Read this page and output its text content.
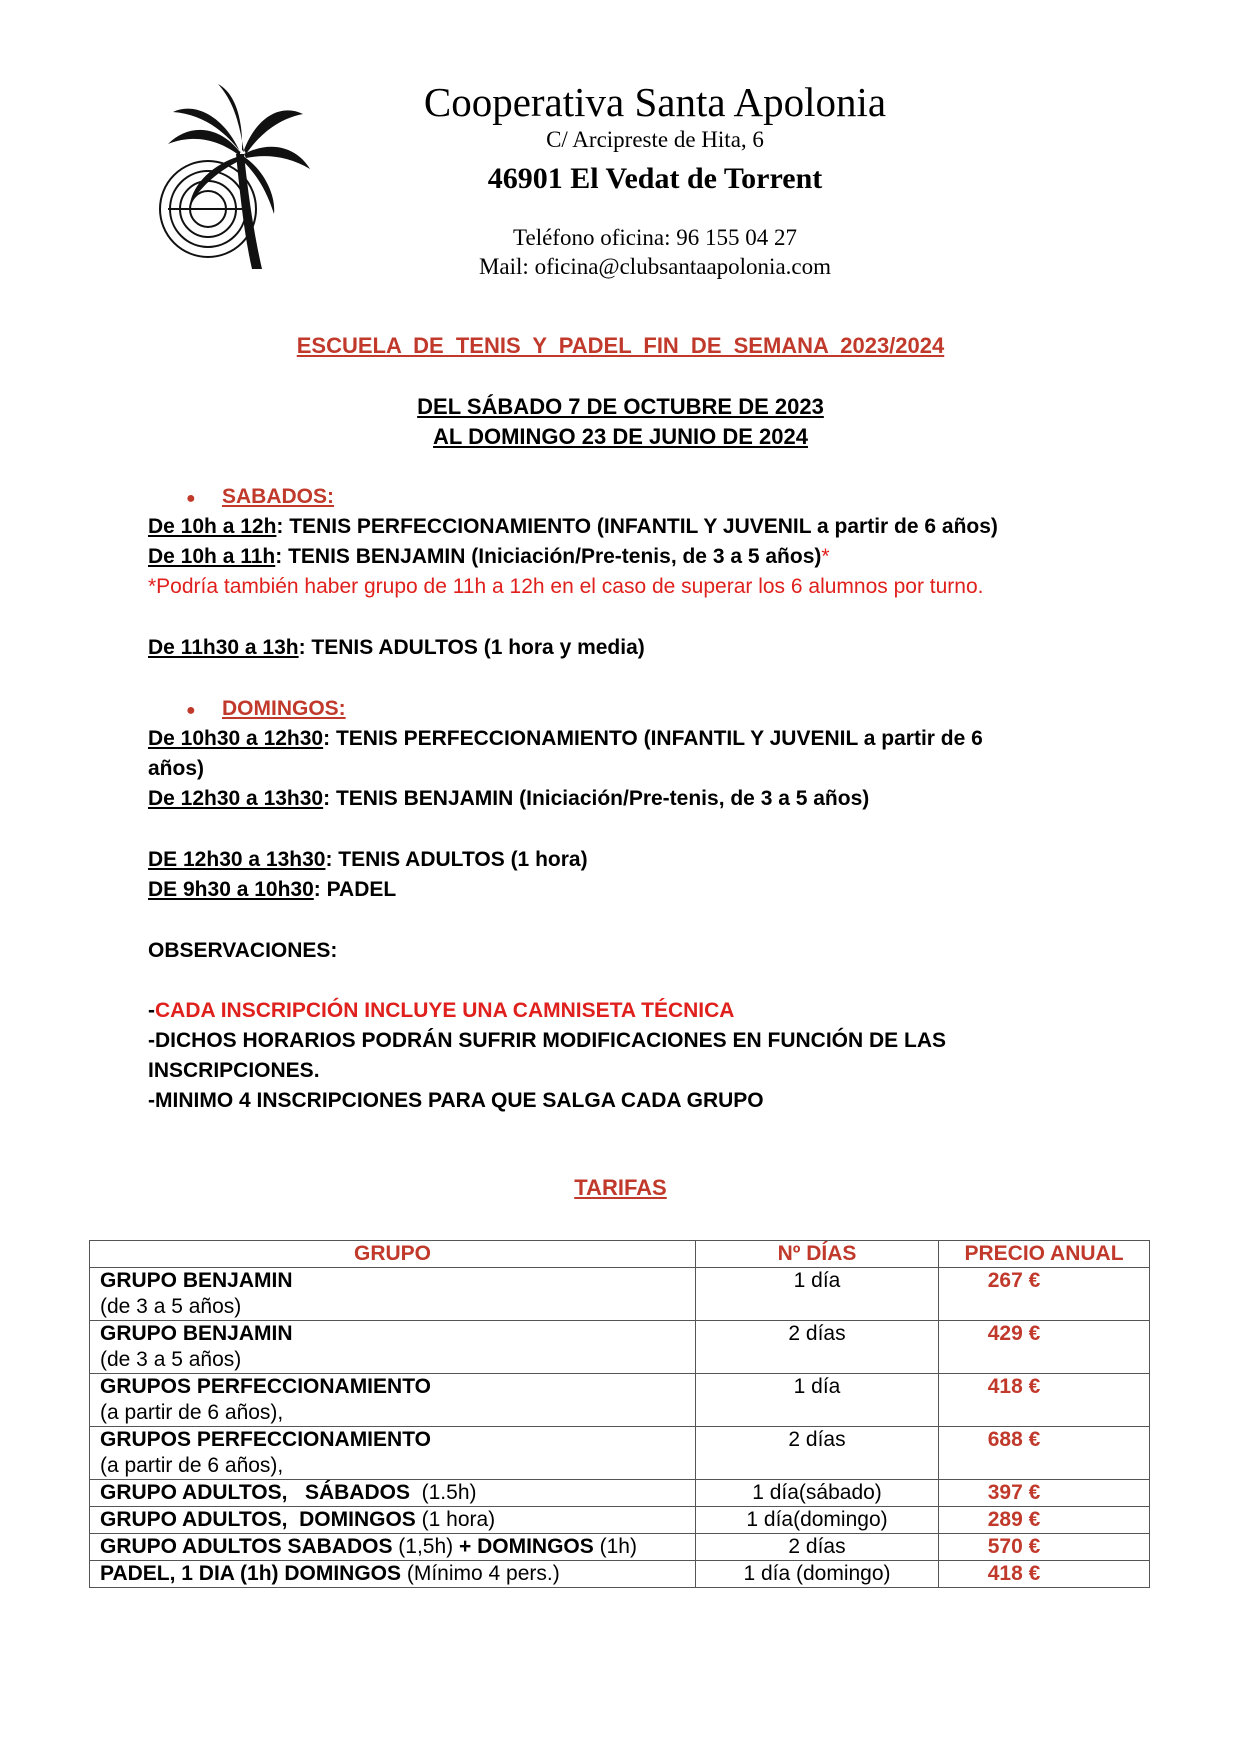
Cooperativa Santa Apolonia
C/ Arcipreste de Hita, 6
46901 El Vedat de Torrent
Teléfono oficina: 96 155 04 27
Mail: oficina@clubsantaapolonia.com
ESCUELA DE TENIS Y PADEL FIN DE SEMANA 2023/2024
DEL SÁBADO 7 DE OCTUBRE DE 2023
AL DOMINGO 23 DE JUNIO DE 2024
● SABADOS:
De 10h a 12h: TENIS PERFECCIONAMIENTO (INFANTIL Y JUVENIL a partir de 6 años)
De 10h a 11h: TENIS BENJAMIN (Iniciación/Pre-tenis, de 3 a 5 años)*
*Podría también haber grupo de 11h a 12h en el caso de superar los 6 alumnos por turno.
De 11h30 a 13h: TENIS ADULTOS (1 hora y media)
● DOMINGOS:
De 10h30 a 12h30: TENIS PERFECCIONAMIENTO (INFANTIL Y JUVENIL a partir de 6
años)
De 12h30 a 13h30: TENIS BENJAMIN (Iniciación/Pre-tenis, de 3 a 5 años)
DE 12h30 a 13h30: TENIS ADULTOS (1 hora)
DE 9h30 a 10h30: PADEL
OBSERVACIONES:
-CADA INSCRIPCIÓN INCLUYE UNA CAMNISETA TÉCNICA
-DICHOS HORARIOS PODRÁN SUFRIR MODIFICACIONES EN FUNCIÓN DE LAS
INSCRIPCIONES.
-MINIMO 4 INSCRIPCIONES PARA QUE SALGA CADA GRUPO
TARIFAS
GRUPO	Nº DÍAS	PRECIO ANUAL
GRUPO BENJAMIN
(de 3 a 5 años)	1 día	267 €
GRUPO BENJAMIN
(de 3 a 5 años)	2 días	429 €
GRUPOS PERFECCIONAMIENTO
(a partir de 6 años),	1 día	418 €
GRUPOS PERFECCIONAMIENTO
(a partir de 6 años),	2 días	688 €
GRUPO ADULTOS,   SÁBADOS  (1.5h)	1 día(sábado)	397 €
GRUPO ADULTOS,  DOMINGOS (1 hora)	1 día(domingo)	289 €
GRUPO ADULTOS SABADOS (1,5h) + DOMINGOS (1h)	2 días	570 €
PADEL, 1 DIA (1h) DOMINGOS (Mínimo 4 pers.)	1 día (domingo)	418 €
